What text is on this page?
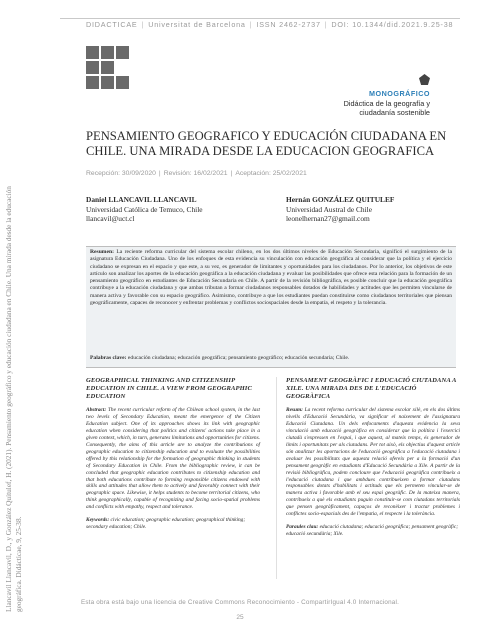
DIDACTICAE | Universitat de Barcelona | ISSN 2462-2737 | DOI: 10.1344/did.2021.9.25-38
MONOGRÁFICO
Didáctica de la geografía y
ciudadanía sostenible
PENSAMIENTO GEOGRAFICO Y EDUCACIÓN CIUDADANA EN CHILE. UNA MIRADA DESDE LA EDUCACION GEOGRAFICA
Recepción: 30/09/2020 | Revisión: 16/02/2021 | Aceptación: 25/02/2021
Daniel LLANCAVIL LLANCAVIL
Universidad Católica de Temuco, Chile
llancavil@uct.cl
Hernán GONZÁLEZ QUITULEF
Universidad Austral de Chile
leonelhernan27@gmail.com

Resumen: La reciente reforma curricular del sistema escolar chileno, en los dos últimos niveles de Educación Secundaria, significó el surgimiento de la asignatura Educación Ciudadana. Uno de los enfoques de esta evidencia su vinculación con educación geográfica al considerar que la política y el ejercicio ciudadano se expresan en el espacio y que este, a su vez, es generador de limitantes y oportunidades para los ciudadanos. Por lo anterior, los objetivos de este artículo son analizar los aportes de la educación geográfica a la educación ciudadana y evaluar las posibilidades que ofrece esta relación para la formación de un pensamiento geográfico en estudiantes de Educación Secundaria en Chile. A partir de la revisión bibliográfica, es posible concluir que la educación geográfica contribuye a la educación ciudadana y que ambas tributan a formar ciudadanos responsables dotados de habilidades y actitudes que les permiten vincularse de manera activa y favorable con su espacio geográfico. Asimismo, contribuye a que los estudiantes puedan constituirse como ciudadanos territoriales que piensan geográficamente, capaces de reconocer y enfrentar problemas y conflictos sociospaciales desde la empatía, el respeto y la tolerancia.

Palabras clave: educación ciudadana; educación geográfica; pensamiento geográfico; educación secundaria; Chile.

GEOGRAPHICAL THINKING AND CITIZENSHIP EDUCATION IN CHILE. A VIEW FROM GEOGRAPHIC EDUCATION

Abstract: The recent curricular reform of the Chilean school system, in the last two levels of Secondary Education, meant the emergence of the Citizen Education subject. One of its approaches shows its link with geographic education when considering that politics and citizens' actions take place in a given context, which, in turn, generates limitations and opportunities for citizens. Consequently, the aims of this article are to analyze the contributions of geographic education to citizenship education and to evaluate the possibilities offered by this relationship for the formation of geographic thinking in students of Secondary Education in Chile. From the bibliographic review, it can be concluded that geographic education contributes to citizenship education and that both educations contribute to forming responsible citizens endowed with skills and attitudes that allow them to actively and favorably connect with their geographic space. Likewise, it helps students to become territorial citizens, who think geographically, capable of recognizing and facing socio-spatial problems and conflicts with empathy, respect and tolerance.

Keywords: civic education; geographic education; geographical thinking; secondary education; Chile.

PENSAMENT GEOGRÀFIC I EDUCACIÓ CIUTADANA A XILE. UNA MIRADA DES DE L'EDUCACIÓ GEOGRÀFICA

Resum: La recent reforma curricular del sistema escolar xilè, en els dos últims nivells d'Educació Secundària, va significar el naixement de l'assignatura Educació Ciutadana. Un dels enfocaments d'aquesta evidencia la seva vinculació amb educació geogràfica en considerar que la política i l'exercici ciutadà s'expressen en l'espai, i que aquest, al mateix temps, és generador de límits i oportunitats per als ciutadans. Per tot això, els objectius d'aquest article són analitzar les aportacions de l'educació geogràfica a l'educació ciutadana i avaluar les possibilitats que aquesta relació ofereix per a la formació d'un pensament geogràfic en estudiants d'Educació Secundària a Xile. A partir de la revisió bibliogràfica, podem concloure que l'educació geogràfica contribueix a l'educació ciutadana i que ambdues contribueixen a formar ciutadans responsables dotats d'habilitats i actituds que els permeten vincular-se de manera activa i favorable amb el seu espai geogràfic. De la mateixa manera, contribueix a què els estudiants puguin constituir-se com ciutadans territorials que pensen geogràficament, capaços de reconèixer i tractar problemes i conflictes socio-espacials des de l'empatia, el respecte i la tolerància.

Paraules clau: educació ciutadana; educació geogràfica; pensament geogràfic; educació secundària; Xile.

Llancavil Llancavil, D., y González Quitulef, H. (2021). Pensamiento geográfico y educación ciudadana en Chile. Una mirada desde la educación geográfica. Didácticae, 9, 25-38.	Esta obra está bajo una licencia de Creative Commons Reconocimiento - CompartirIgual 4.0 Internacional.
25
